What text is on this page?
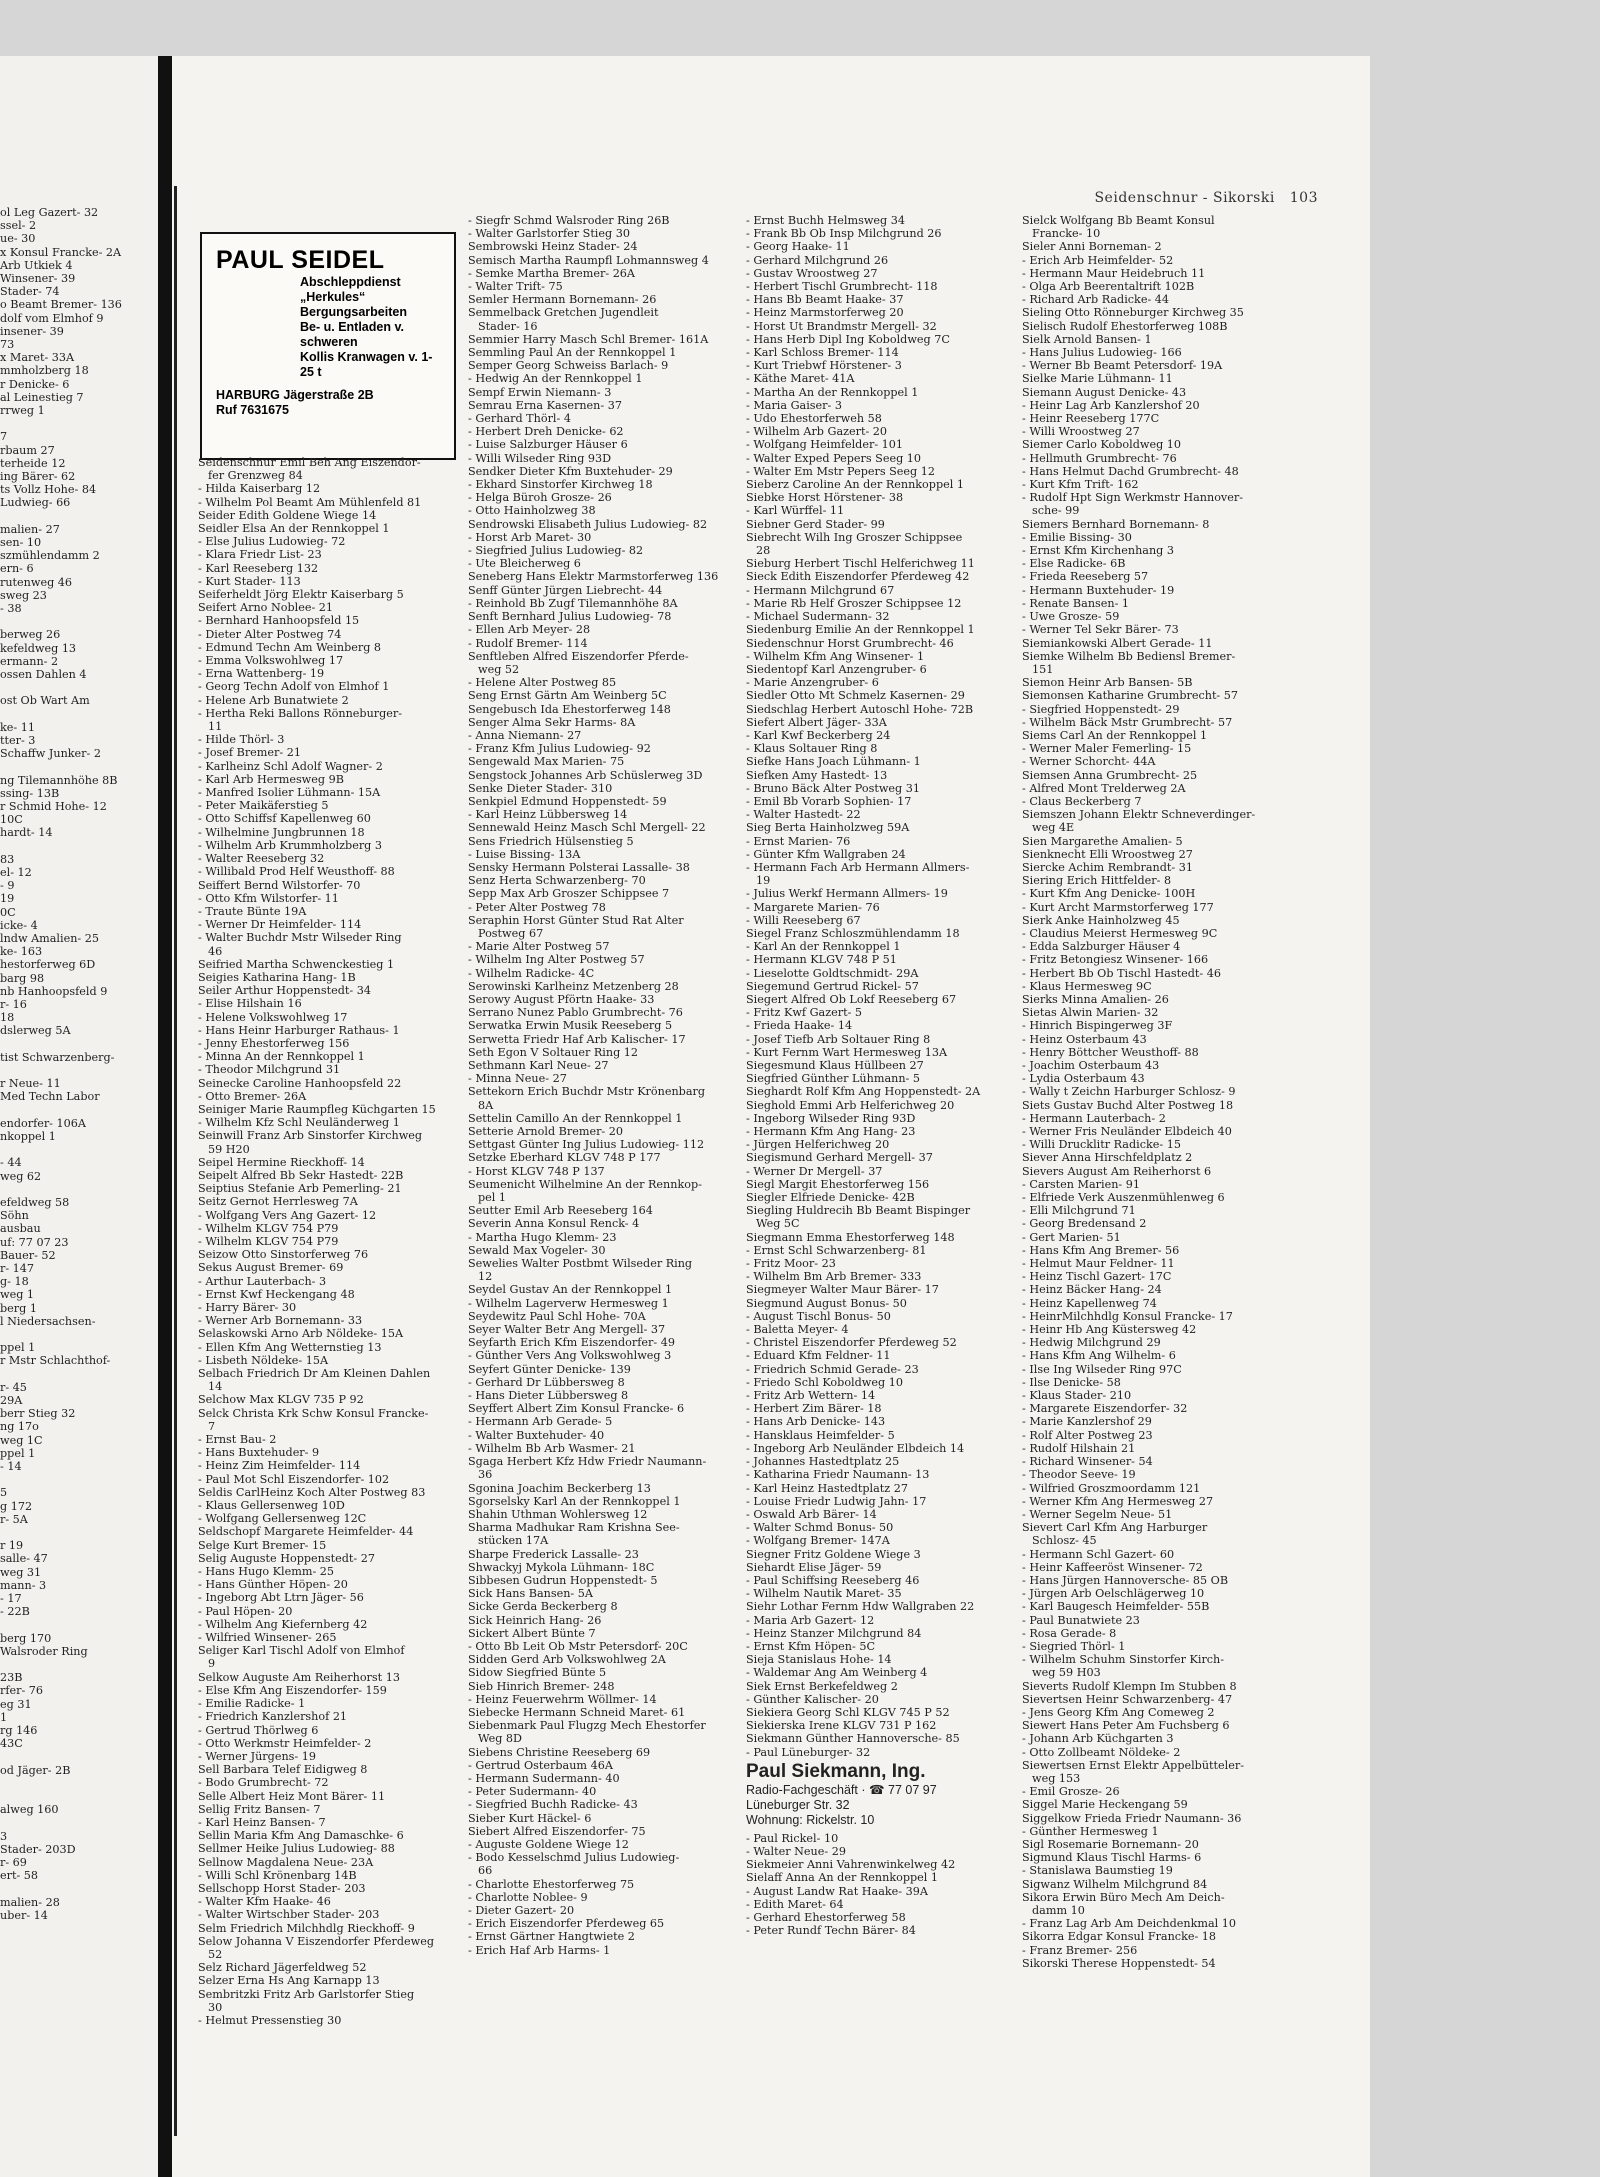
ol Leg Gazert- 32
ssel- 2
ue- 30
x Konsul Francke- 2A
Arb Utkiek 4
Winsener- 39
Stader- 74
o Beamt Bremer- 136
dolf vom Elmhof 9
insener- 39
73
x Maret- 33A
mmholzberg 18
r Denicke- 6
al Leinestieg 7
rrweg 1
7
rbaum 27
terheide 12
ing Bärer- 62
ts Vollz Hohe- 84
Ludwieg- 66
malien- 27
sen- 10
szmühlendamm 2
ern- 6
rutenweg 46
sweg 23
- 38
berweg 26
kefeldweg 13
ermann- 2
ossen Dahlen 4
ost Ob Wart Am
ke- 11
tter- 3
Schaffw Junker- 2
ng Tilemannhöhe 8B
ssing- 13B
r Schmid Hohe- 12
10C
hardt- 14
83
el- 12
- 9
19
0C
icke- 4
lndw Amalien- 25
ke- 163
hestorferweg 6D
barg 98
nb Hanhoopsfeld 9
r- 16
18
dslerweg 5A
tist Schwarzenberg-
r Neue- 11
Med Techn Labor
endorfer- 106A
nkoppel 1
- 44
weg 62
efeldweg 58
Söhn
ausbau
uf: 77 07 23
Bauer- 52
r- 147
g- 18
weg 1
berg 1
l Niedersachsen-
ppel 1
r Mstr Schlachthof-
r- 45
29A
berr Stieg 32
ng 17o
weg 1C
ppel 1
- 14
5
g 172
r- 5A
r 19
salle- 47
weg 31
mann- 3
- 17
- 22B
berg 170
Walsroder Ring
23B
rfer- 76
eg 31
1
rg 146
43C
od Jäger- 2B
alweg 160
3
Stader- 203D
r- 69
ert- 58
malien- 28
uber- 14
Seidenschnur - Sikorski 103
PAUL SEIDEL
Abschleppdienst „Herkules“
Bergungsarbeiten
Be- u. Entladen v. schweren
Kollis Kranwagen v. 1-25 t
HARBURG Jägerstraße 2B
Ruf 7631675
Seidenschnur Emil Beh Ang Eiszendor-
fer Grenzweg 84
- Hilda Kaiserbarg 12
- Wilhelm Pol Beamt Am Mühlenfeld 81
Seider Edith Goldene Wiege 14
Seidler Elsa An der Rennkoppel 1
- Else Julius Ludowieg- 72
- Klara Friedr List- 23
- Karl Reeseberg 132
- Kurt Stader- 113
Seiferheldt Jörg Elektr Kaiserbarg 5
Seifert Arno Noblee- 21
- Bernhard Hanhoopsfeld 15
- Dieter Alter Postweg 74
- Edmund Techn Am Weinberg 8
- Emma Volkswohlweg 17
- Erna Wattenberg- 19
- Georg Techn Adolf von Elmhof 1
- Helene Arb Bunatwiete 2
- Hertha Reki Ballons Rönneburger-
11
- Hilde Thörl- 3
- Josef Bremer- 21
- Karlheinz Schl Adolf Wagner- 2
- Karl Arb Hermesweg 9B
- Manfred Isolier Lühmann- 15A
- Peter Maikäferstieg 5
- Otto Schiffsf Kapellenweg 60
- Wilhelmine Jungbrunnen 18
- Wilhelm Arb Krummholzberg 3
- Walter Reeseberg 32
- Willibald Prod Helf Weusthoff- 88
Seiffert Bernd Wilstorfer- 70
- Otto Kfm Wilstorfer- 11
- Traute Bünte 19A
- Werner Dr Heimfelder- 114
- Walter Buchdr Mstr Wilseder Ring
46
Seifried Martha Schwenckestieg 1
Seigies Katharina Hang- 1B
Seiler Arthur Hoppenstedt- 34
- Elise Hilshain 16
- Helene Volkswohlweg 17
- Hans Heinr Harburger Rathaus- 1
- Jenny Ehestorferweg 156
- Minna An der Rennkoppel 1
- Theodor Milchgrund 31
Seinecke Caroline Hanhoopsfeld 22
- Otto Bremer- 26A
Seiniger Marie Raumpfleg Küchgarten 15
- Wilhelm Kfz Schl Neuländerweg 1
Seinwill Franz Arb Sinstorfer Kirchweg
59 H20
Seipel Hermine Rieckhoff- 14
Seipelt Alfred Bb Sekr Hastedt- 22B
Seiptius Stefanie Arb Pemerling- 21
Seitz Gernot Herrlesweg 7A
- Wolfgang Vers Ang Gazert- 12
- Wilhelm KLGV 754 P79
- Wilhelm KLGV 754 P79
Seizow Otto Sinstorferweg 76
Sekus August Bremer- 69
- Arthur Lauterbach- 3
- Ernst Kwf Heckengang 48
- Harry Bärer- 30
- Werner Arb Bornemann- 33
Selaskowski Arno Arb Nöldeke- 15A
- Ellen Kfm Ang Wetternstieg 13
- Lisbeth Nöldeke- 15A
Selbach Friedrich Dr Am Kleinen Dahlen
14
Selchow Max KLGV 735 P 92
Selck Christa Krk Schw Konsul Francke-
7
- Ernst Bau- 2
- Hans Buxtehuder- 9
- Heinz Zim Heimfelder- 114
- Paul Mot Schl Eiszendorfer- 102
Seldis CarlHeinz Koch Alter Postweg 83
- Klaus Gellersenweg 10D
- Wolfgang Gellersenweg 12C
Seldschopf Margarete Heimfelder- 44
Selge Kurt Bremer- 15
Selig Auguste Hoppenstedt- 27
- Hans Hugo Klemm- 25
- Hans Günther Höpen- 20
- Ingeborg Abt Ltrn Jäger- 56
- Paul Höpen- 20
- Wilhelm Ang Kiefernberg 42
- Wilfried Winsener- 265
Seliger Karl Tischl Adolf von Elmhof
9
Selkow Auguste Am Reiherhorst 13
- Else Kfm Ang Eiszendorfer- 159
- Emilie Radicke- 1
- Friedrich Kanzlershof 21
- Gertrud Thörlweg 6
- Otto Werkmstr Heimfelder- 2
- Werner Jürgens- 19
Sell Barbara Telef Eidigweg 8
- Bodo Grumbrecht- 72
Selle Albert Heiz Mont Bärer- 11
Sellig Fritz Bansen- 7
- Karl Heinz Bansen- 7
Sellin Maria Kfm Ang Damaschke- 6
Sellmer Heike Julius Ludowieg- 88
Sellnow Magdalena Neue- 23A
- Willi Schl Krönenbarg 14B
Sellschopp Horst Stader- 203
- Walter Kfm Haake- 46
- Walter Wirtschber Stader- 203
Selm Friedrich Milchhdlg Rieckhoff- 9
Selow Johanna V Eiszendorfer Pferdeweg
52
Selz Richard Jägerfeldweg 52
Selzer Erna Hs Ang Karnapp 13
Sembritzki Fritz Arb Garlstorfer Stieg
30
- Helmut Pressenstieg 30
- Siegfr Schmd Walsroder Ring 26B
- Walter Garlstorfer Stieg 30
Sembrowski Heinz Stader- 24
Semisch Martha Raumpfl Lohmannsweg 4
- Semke Martha Bremer- 26A
- Walter Trift- 75
Semler Hermann Bornemann- 26
Semmelback Gretchen Jugendleit
Stader- 16
Semmier Harry Masch Schl Bremer- 161A
Semmling Paul An der Rennkoppel 1
Semper Georg Schweiss Barlach- 9
- Hedwig An der Rennkoppel 1
Sempf Erwin Niemann- 3
Semrau Erna Kasernen- 37
- Gerhard Thörl- 4
- Herbert Dreh Denicke- 62
- Luise Salzburger Häuser 6
- Willi Wilseder Ring 93D
Sendker Dieter Kfm Buxtehuder- 29
- Ekhard Sinstorfer Kirchweg 18
- Helga Büroh Grosze- 26
- Otto Hainholzweg 38
Sendrowski Elisabeth Julius Ludowieg- 82
- Horst Arb Maret- 30
- Siegfried Julius Ludowieg- 82
- Ute Bleicherweg 6
Seneberg Hans Elektr Marmstorferweg 136
Senff Günter Jürgen Liebrecht- 44
- Reinhold Bb Zugf Tilemannhöhe 8A
Senft Bernhard Julius Ludowieg- 78
- Ellen Arb Meyer- 28
- Rudolf Bremer- 114
Senftleben Alfred Eiszendorfer Pferde-
weg 52
- Helene Alter Postweg 85
Seng Ernst Gärtn Am Weinberg 5C
Sengebusch Ida Ehestorferweg 148
Senger Alma Sekr Harms- 8A
- Anna Niemann- 27
- Franz Kfm Julius Ludowieg- 92
Sengewald Max Marien- 75
Sengstock Johannes Arb Schüslerweg 3D
Senke Dieter Stader- 310
Senkpiel Edmund Hoppenstedt- 59
- Karl Heinz Lübbersweg 14
Sennewald Heinz Masch Schl Mergell- 22
Sens Friedrich Hülsenstieg 5
- Luise Bissing- 13A
Sensky Hermann Polsterai Lassalle- 38
Senz Herta Schwarzenberg- 70
Sepp Max Arb Groszer Schippsee 7
- Peter Alter Postweg 78
Seraphin Horst Günter Stud Rat Alter
Postweg 67
- Marie Alter Postweg 57
- Wilhelm Ing Alter Postweg 57
- Wilhelm Radicke- 4C
Serowinski Karlheinz Metzenberg 28
Serowy August Pförtn Haake- 33
Serrano Nunez Pablo Grumbrecht- 76
Serwatka Erwin Musik Reeseberg 5
Serwetta Friedr Haf Arb Kalischer- 17
Seth Egon V Soltauer Ring 12
Sethmann Karl Neue- 27
- Minna Neue- 27
Settekorn Erich Buchdr Mstr Krönenbarg
8A
Settelin Camillo An der Rennkoppel 1
Setterie Arnold Bremer- 20
Settgast Günter Ing Julius Ludowieg- 112
Setzke Eberhard KLGV 748 P 177
- Horst KLGV 748 P 137
Seumenicht Wilhelmine An der Rennkop-
pel 1
Seutter Emil Arb Reeseberg 164
Severin Anna Konsul Renck- 4
- Martha Hugo Klemm- 23
Sewald Max Vogeler- 30
Sewelies Walter Postbmt Wilseder Ring
12
Seydel Gustav An der Rennkoppel 1
- Wilhelm Lagerverw Hermesweg 1
Seydewitz Paul Schl Hohe- 70A
Seyer Walter Betr Ang Mergell- 37
Seyfarth Erich Kfm Eiszendorfer- 49
- Günther Vers Ang Volkswohlweg 3
Seyfert Günter Denicke- 139
- Gerhard Dr Lübbersweg 8
- Hans Dieter Lübbersweg 8
Seyffert Albert Zim Konsul Francke- 6
- Hermann Arb Gerade- 5
- Walter Buxtehuder- 40
- Wilhelm Bb Arb Wasmer- 21
Sgaga Herbert Kfz Hdw Friedr Naumann-
36
Sgonina Joachim Beckerberg 13
Sgorselsky Karl An der Rennkoppel 1
Shahin Uthman Wohlersweg 12
Sharma Madhukar Ram Krishna See-
stücken 17A
Sharpe Frederick Lassalle- 23
Shwackyj Mykola Lühmann- 18C
Sibbesen Gudrun Hoppenstedt- 5
Sick Hans Bansen- 5A
Sicke Gerda Beckerberg 8
Sick Heinrich Hang- 26
Sickert Albert Bünte 7
- Otto Bb Leit Ob Mstr Petersdorf- 20C
Sidden Gerd Arb Volkswohlweg 2A
Sidow Siegfried Bünte 5
Sieb Hinrich Bremer- 248
- Heinz Feuerwehrm Wöllmer- 14
Siebecke Hermann Schneid Maret- 61
Siebenmark Paul Flugzg Mech Ehestorfer
Weg 8D
Siebens Christine Reeseberg 69
- Gertrud Osterbaum 46A
- Hermann Sudermann- 40
- Peter Sudermann- 40
- Siegfried Buchh Radicke- 43
Sieber Kurt Häckel- 6
Siebert Alfred Eiszendorfer- 75
- Auguste Goldene Wiege 12
- Bodo Kesselschmd Julius Ludowieg-
66
- Charlotte Ehestorferweg 75
- Charlotte Noblee- 9
- Dieter Gazert- 20
- Erich Eiszendorfer Pferdeweg 65
- Ernst Gärtner Hangtwiete 2
- Erich Haf Arb Harms- 1
- Ernst Buchh Helmsweg 34
- Frank Bb Ob Insp Milchgrund 26
- Georg Haake- 11
- Gerhard Milchgrund 26
- Gustav Wroostweg 27
- Herbert Tischl Grumbrecht- 118
- Hans Bb Beamt Haake- 37
- Heinz Marmstorferweg 20
- Horst Ut Brandmstr Mergell- 32
- Hans Herb Dipl Ing Koboldweg 7C
- Karl Schloss Bremer- 114
- Kurt Triebwf Hörstener- 3
- Käthe Maret- 41A
- Martha An der Rennkoppel 1
- Maria Gaiser- 3
- Udo Ehestorferweh 58
- Wilhelm Arb Gazert- 20
- Wolfgang Heimfelder- 101
- Walter Exped Pepers Seeg 10
- Walter Em Mstr Pepers Seeg 12
Sieberz Caroline An der Rennkoppel 1
Siebke Horst Hörstener- 38
- Karl Würffel- 11
Siebner Gerd Stader- 99
Siebrecht Wilh Ing Groszer Schippsee
28
Sieburg Herbert Tischl Helferichweg 11
Sieck Edith Eiszendorfer Pferdeweg 42
- Hermann Milchgrund 67
- Marie Rb Helf Groszer Schippsee 12
- Michael Sudermann- 32
Siedenburg Emilie An der Rennkoppel 1
Siedenschnur Horst Grumbrecht- 46
- Wilhelm Kfm Ang Winsener- 1
Siedentopf Karl Anzengruber- 6
- Marie Anzengruber- 6
Siedler Otto Mt Schmelz Kasernen- 29
Siedschlag Herbert Autoschl Hohe- 72B
Siefert Albert Jäger- 33A
- Karl Kwf Beckerberg 24
- Klaus Soltauer Ring 8
Siefke Hans Joach Lühmann- 1
Siefken Amy Hastedt- 13
- Bruno Bäck Alter Postweg 31
- Emil Bb Vorarb Sophien- 17
- Walter Hastedt- 22
Sieg Berta Hainholzweg 59A
- Ernst Marien- 76
- Günter Kfm Wallgraben 24
- Hermann Fach Arb Hermann Allmers-
19
- Julius Werkf Hermann Allmers- 19
- Margarete Marien- 76
- Willi Reeseberg 67
Siegel Franz Schloszmühlendamm 18
- Karl An der Rennkoppel 1
- Hermann KLGV 748 P 51
- Lieselotte Goldtschmidt- 29A
Siegemund Gertrud Rickel- 57
Siegert Alfred Ob Lokf Reeseberg 67
- Fritz Kwf Gazert- 5
- Frieda Haake- 14
- Josef Tiefb Arb Soltauer Ring 8
- Kurt Fernm Wart Hermesweg 13A
Siegesmund Klaus Hüllbeen 27
Siegfried Günther Lühmann- 5
Sieghardt Rolf Kfm Ang Hoppenstedt- 2A
Sieghold Emmi Arb Helferichweg 20
- Ingeborg Wilseder Ring 93D
- Hermann Kfm Ang Hang- 23
- Jürgen Helferichweg 20
Siegismund Gerhard Mergell- 37
- Werner Dr Mergell- 37
Siegl Margit Ehestorferweg 156
Siegler Elfriede Denicke- 42B
Siegling Huldrecih Bb Beamt Bispinger
Weg 5C
Siegmann Emma Ehestorferweg 148
- Ernst Schl Schwarzenberg- 81
- Fritz Moor- 23
- Wilhelm Bm Arb Bremer- 333
Siegmeyer Walter Maur Bärer- 17
Siegmund August Bonus- 50
- August Tischl Bonus- 50
- Baletta Meyer- 4
- Christel Eiszendorfer Pferdeweg 52
- Eduard Kfm Feldner- 11
- Friedrich Schmid Gerade- 23
- Friedo Schl Koboldweg 10
- Fritz Arb Wettern- 14
- Herbert Zim Bärer- 18
- Hans Arb Denicke- 143
- Hansklaus Heimfelder- 5
- Ingeborg Arb Neuländer Elbdeich 14
- Johannes Hastedtplatz 25
- Katharina Friedr Naumann- 13
- Karl Heinz Hastedtplatz 27
- Louise Friedr Ludwig Jahn- 17
- Oswald Arb Bärer- 14
- Walter Schmd Bonus- 50
- Wolfgang Bremer- 147A
Siegner Fritz Goldene Wiege 3
Siehardt Elise Jäger- 59
- Paul Schiffsing Reeseberg 46
- Wilhelm Nautik Maret- 35
Siehr Lothar Fernm Hdw Wallgraben 22
- Maria Arb Gazert- 12
- Heinz Stanzer Milchgrund 84
- Ernst Kfm Höpen- 5C
Sieja Stanislaus Hohe- 14
- Waldemar Ang Am Weinberg 4
Siek Ernst Berkefeldweg 2
- Günther Kalischer- 20
Siekiera Georg Schl KLGV 745 P 52
Siekierska Irene KLGV 731 P 162
Siekmann Günther Hannoversche- 85
- Paul Lüneburger- 32
Paul Siekmann, Ing.
Radio-Fachgeschäft · ☎ 77 07 97
Lüneburger Str. 32
Wohnung: Rickelstr. 10
- Paul Rickel- 10
- Walter Neue- 29
Siekmeier Anni Vahrenwinkelweg 42
Sielaff Anna An der Rennkoppel 1
- August Landw Rat Haake- 39A
- Edith Maret- 64
- Gerhard Ehestorferweg 58
- Peter Rundf Techn Bärer- 84
Sielck Wolfgang Bb Beamt Konsul
Francke- 10
Sieler Anni Borneman- 2
- Erich Arb Heimfelder- 52
- Hermann Maur Heidebruch 11
- Olga Arb Beerentaltrift 102B
- Richard Arb Radicke- 44
Sieling Otto Rönneburger Kirchweg 35
Sielisch Rudolf Ehestorferweg 108B
Sielk Arnold Bansen- 1
- Hans Julius Ludowieg- 166
- Werner Bb Beamt Petersdorf- 19A
Sielke Marie Lühmann- 11
Siemann August Denicke- 43
- Heinr Lag Arb Kanzlershof 20
- Heinr Reeseberg 177C
- Willi Wroostweg 27
Siemer Carlo Koboldweg 10
- Hellmuth Grumbrecht- 76
- Hans Helmut Dachd Grumbrecht- 48
- Kurt Kfm Trift- 162
- Rudolf Hpt Sign Werkmstr Hannover-
sche- 99
Siemers Bernhard Bornemann- 8
- Emilie Bissing- 30
- Ernst Kfm Kirchenhang 3
- Else Radicke- 6B
- Frieda Reeseberg 57
- Hermann Buxtehuder- 19
- Renate Bansen- 1
- Uwe Grosze- 59
- Werner Tel Sekr Bärer- 73
Siemiankowski Albert Gerade- 11
Siemke Wilhelm Bb Bediensl Bremer-
151
Siemon Heinr Arb Bansen- 5B
Siemonsen Katharine Grumbrecht- 57
- Siegfried Hoppenstedt- 29
- Wilhelm Bäck Mstr Grumbrecht- 57
Siems Carl An der Rennkoppel 1
- Werner Maler Femerling- 15
- Werner Schorcht- 44A
Siemsen Anna Grumbrecht- 25
- Alfred Mont Trelderweg 2A
- Claus Beckerberg 7
Siemszen Johann Elektr Schneverdinger-
weg 4E
Sien Margarethe Amalien- 5
Sienknecht Elli Wroostweg 27
Siercke Achim Rembrandt- 31
Siering Erich Hittfelder- 8
- Kurt Kfm Ang Denicke- 100H
- Kurt Archt Marmstorferweg 177
Sierk Anke Hainholzweg 45
- Claudius Meierst Hermesweg 9C
- Edda Salzburger Häuser 4
- Fritz Betongiesz Winsener- 166
- Herbert Bb Ob Tischl Hastedt- 46
- Klaus Hermesweg 9C
Sierks Minna Amalien- 26
Sietas Alwin Marien- 32
- Hinrich Bispingerweg 3F
- Heinz Osterbaum 43
- Henry Böttcher Weusthoff- 88
- Joachim Osterbaum 43
- Lydia Osterbaum 43
- Wally t Zeichn Harburger Schlosz- 9
Siets Gustav Buchd Alter Postweg 18
- Hermann Lauterbach- 2
- Werner Fris Neuländer Elbdeich 40
- Willi Drucklitr Radicke- 15
Siever Anna Hirschfeldplatz 2
Sievers August Am Reiherhorst 6
- Carsten Marien- 91
- Elfriede Verk Auszenmühlenweg 6
- Elli Milchgrund 71
- Georg Bredensand 2
- Gert Marien- 51
- Hans Kfm Ang Bremer- 56
- Helmut Maur Feldner- 11
- Heinz Tischl Gazert- 17C
- Heinz Bäcker Hang- 24
- Heinz Kapellenweg 74
- HeinrMilchhdlg Konsul Francke- 17
- Heinr Hb Ang Küstersweg 42
- Hedwig Milchgrund 29
- Hans Kfm Ang Wilhelm- 6
- Ilse Ing Wilseder Ring 97C
- Ilse Denicke- 58
- Klaus Stader- 210
- Margarete Eiszendorfer- 32
- Marie Kanzlershof 29
- Rolf Alter Postweg 23
- Rudolf Hilshain 21
- Richard Winsener- 54
- Theodor Seeve- 19
- Wilfried Groszmoordamm 121
- Werner Kfm Ang Hermesweg 27
- Werner Segelm Neue- 51
Sievert Carl Kfm Ang Harburger
Schlosz- 45
- Hermann Schl Gazert- 60
- Heinr Kaffeeröst Winsener- 72
- Hans Jürgen Hannoversche- 85 OB
- Jürgen Arb Oelschlägerweg 10
- Karl Baugesch Heimfelder- 55B
- Paul Bunatwiete 23
- Rosa Gerade- 8
- Siegried Thörl- 1
- Wilhelm Schuhm Sinstorfer Kirch-
weg 59 H03
Sieverts Rudolf Klempn Im Stubben 8
Sievertsen Heinr Schwarzenberg- 47
- Jens Georg Kfm Ang Comeweg 2
Siewert Hans Peter Am Fuchsberg 6
- Johann Arb Küchgarten 3
- Otto Zollbeamt Nöldeke- 2
Siewertsen Ernst Elektr Appelbütteler-
weg 153
- Emil Grosze- 26
Siggel Marie Heckengang 59
Siggelkow Frieda Friedr Naumann- 36
- Günther Hermesweg 1
Sigl Rosemarie Bornemann- 20
Sigmund Klaus Tischl Harms- 6
- Stanislawa Baumstieg 19
Sigwanz Wilhelm Milchgrund 84
Sikora Erwin Büro Mech Am Deich-
damm 10
- Franz Lag Arb Am Deichdenkmal 10
Sikorra Edgar Konsul Francke- 18
- Franz Bremer- 256
Sikorski Therese Hoppenstedt- 54
